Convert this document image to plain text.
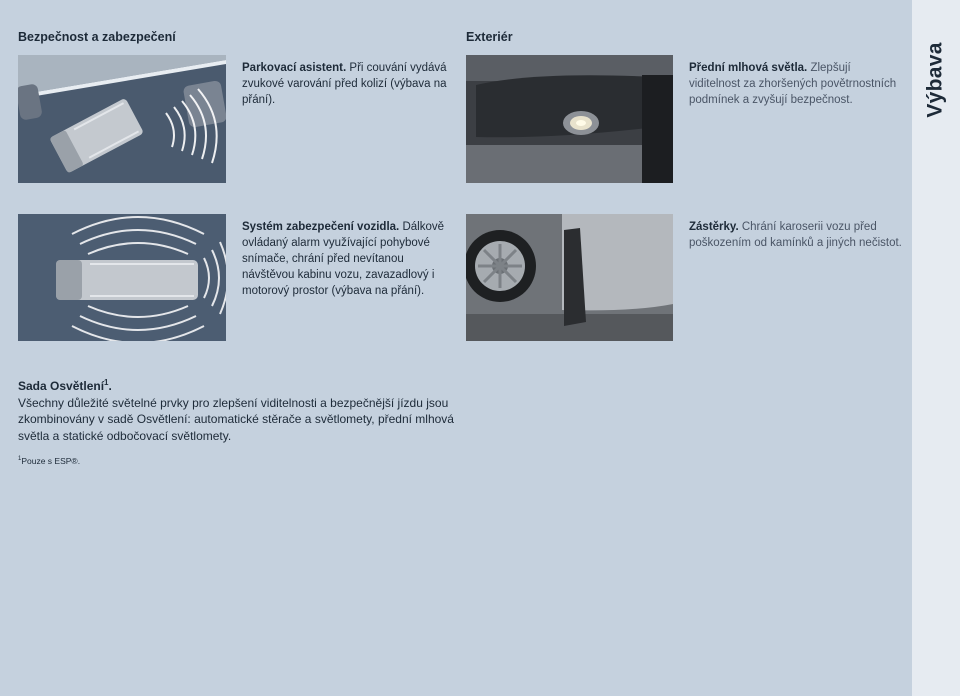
Výbava
Bezpečnost a zabezpečení	Exteriér
Parkovací asistent. Při couvání vydává zvukové varování před kolizí (výbava na přání).
Přední mlhová světla. Zlepšují viditelnost za zhoršených povětrnostních podmínek a zvyšují bezpečnost.
Systém zabezpečení vozidla. Dálkově ovládaný alarm využívající pohybové snímače, chrání před nevítanou návštěvou kabinu vozu, zavazadlový i motorový prostor (výbava na přání).
Zástěrky. Chrání karoserii vozu před poškozením od kamínků a jiných nečistot.
Sada Osvětlení$^1$.
Všechny důležité světelné prvky pro zlepšení viditelnosti a bezpečnější jízdu jsou zkombinovány v sadě Osvětlení: automatické stěrače a světlomety, přední mlhová světla a statické odbočovací světlomety.
$^1$Pouze s ESP®.
